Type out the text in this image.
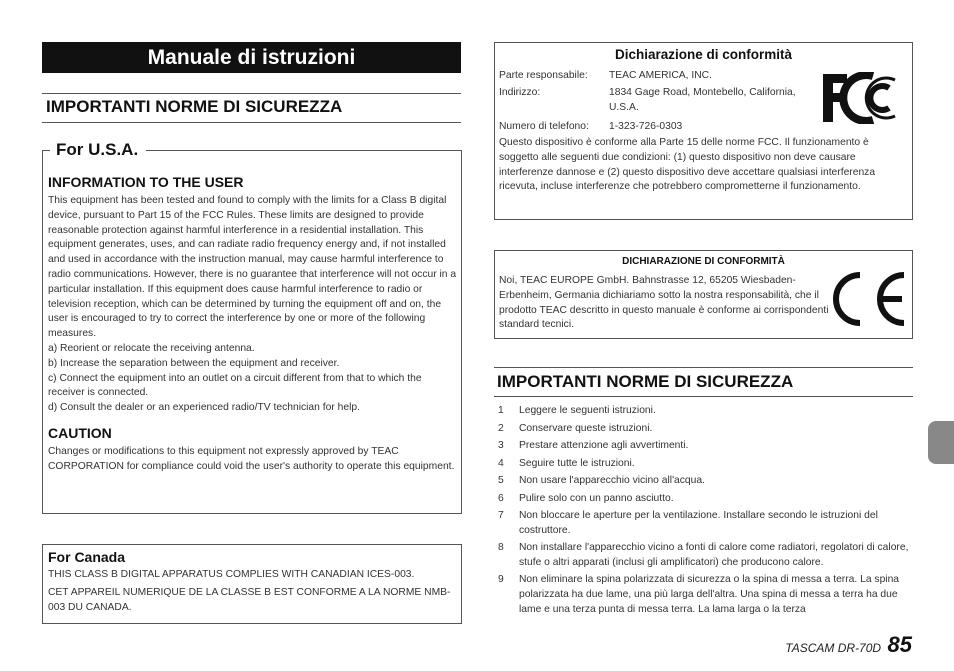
Manuale di istruzioni
IMPORTANTI NORME DI SICUREZZA
For U.S.A.
INFORMATION TO THE USER
This equipment has been tested and found to comply with the limits for a Class B digital device, pursuant to Part 15 of the FCC Rules. These limits are designed to provide reasonable protection against harmful interference in a residential installation. This equipment generates, uses, and can radiate radio frequency energy and, if not installed and used in accordance with the instruction manual, may cause harmful interference to radio communications. However, there is no guarantee that interference will not occur in a particular installation. If this equipment does cause harmful interference to radio or television reception, which can be determined by turning the equipment off and on, the user is encouraged to try to correct the interference by one or more of the following measures.
a) Reorient or relocate the receiving antenna.
b) Increase the separation between the equipment and receiver.
c) Connect the equipment into an outlet on a circuit different from that to which the receiver is connected.
d) Consult the dealer or an experienced radio/TV technician for help.
CAUTION
Changes or modifications to this equipment not expressly approved by TEAC CORPORATION for compliance could void the user's authority to operate this equipment.
For Canada
THIS CLASS B DIGITAL APPARATUS COMPLIES WITH CANADIAN ICES-003.
CET APPAREIL NUMERIQUE DE LA CLASSE B EST CONFORME A LA NORME NMB-003 DU CANADA.
Dichiarazione di conformità
Parte responsabile: TEAC AMERICA, INC.
Indirizzo:	1834 Gage Road, Montebello, California, U.S.A.
Numero di telefono: 1-323-726-0303
Questo dispositivo è conforme alla Parte 15 delle norme FCC. Il funzionamento è soggetto alle seguenti due condizioni: (1) questo dispositivo non deve causare interferenze dannose e (2) questo dispositivo deve accettare qualsiasi interferenza ricevuta, incluse interferenze che potrebbero comprometterne il funzionamento.
DICHIARAZIONE DI CONFORMITÀ
Noi, TEAC EUROPE GmbH. Bahnstrasse 12, 65205 Wiesbaden-Erbenheim, Germania dichiariamo sotto la nostra responsabilità, che il prodotto TEAC descritto in questo manuale è conforme ai corrispondenti standard tecnici.
IMPORTANTI NORME DI SICUREZZA
1	Leggere le seguenti istruzioni.
2	Conservare queste istruzioni.
3	Prestare attenzione agli avvertimenti.
4	Seguire tutte le istruzioni.
5	Non usare l'apparecchio vicino all'acqua.
6	Pulire solo con un panno asciutto.
7	Non bloccare le aperture per la ventilazione. Installare secondo le istruzioni del costruttore.
8	Non installare l'apparecchio vicino a fonti di calore come radiatori, regolatori di calore, stufe o altri apparati (inclusi gli amplificatori) che producono calore.
9	Non eliminare la spina polarizzata di sicurezza o la spina di messa a terra. La spina polarizzata ha due lame, una più larga dell'altra. Una spina di messa a terra ha due lame e una terza punta di messa terra. La lama larga o la terza
TASCAM DR-70D 85
